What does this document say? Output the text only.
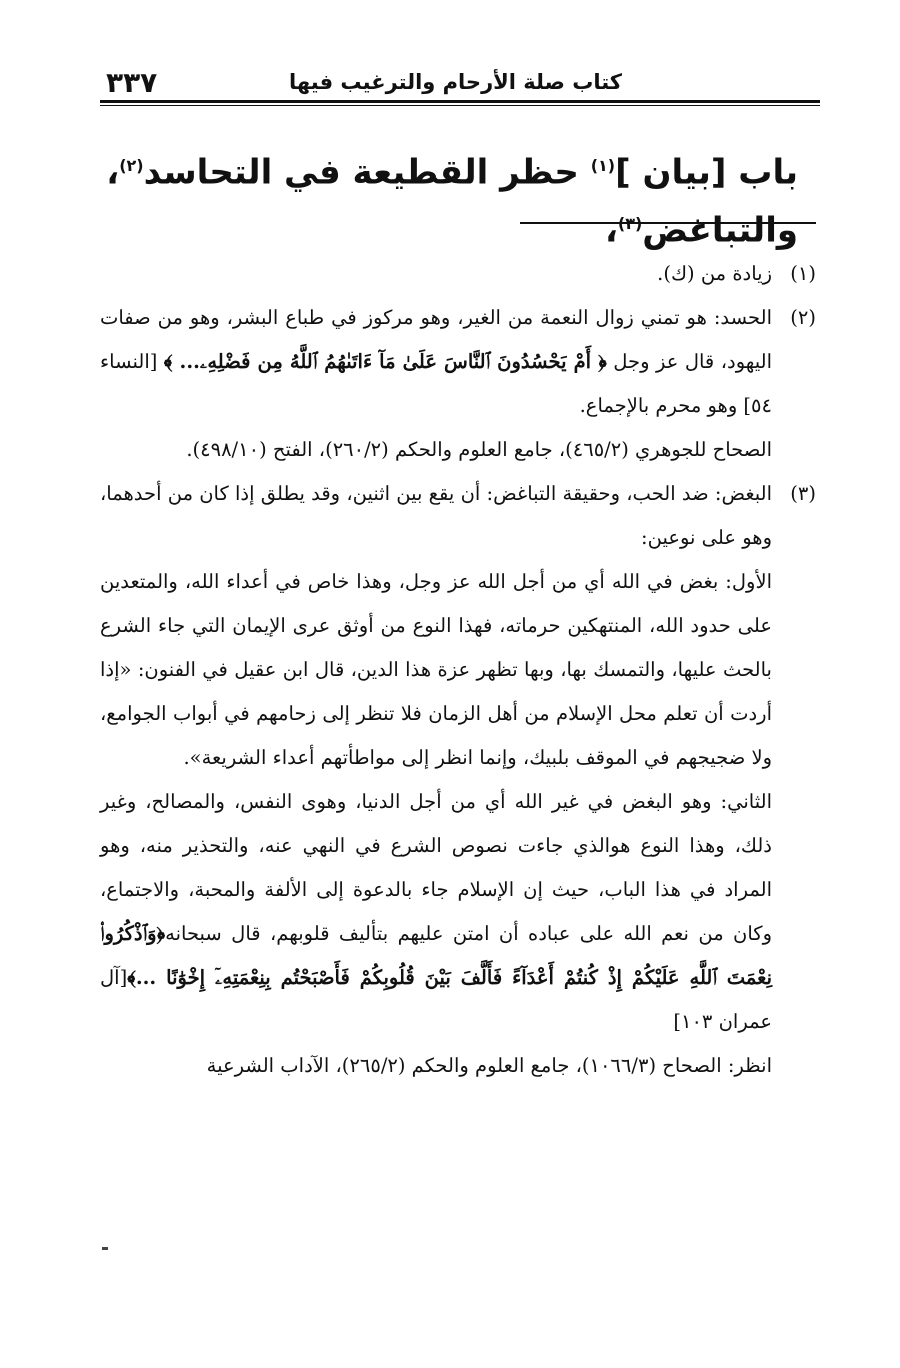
٣٣٧	كتاب صلة الأرحام والترغيب فيها
باب [بيان ]$^{(١)}$ حظر القطيعة في التحاسد$^{(٢)}$، والتباغض$^{(٣)}$،
(١)

زيادة من (ك).

(٢)

الحسد: هو تمني زوال النعمة من الغير، وهو مركوز في طباع البشر، وهو من صفات اليهود، قال عز وجل ﴿ أَمْ يَحْسُدُونَ ٱلنَّاسَ عَلَىٰ مَآ ءَاتَىٰهُمُ ٱللَّهُ مِن فَضْلِهِۦ... ﴾ [النساء ٥٤] وهو محرم بالإجماع.

الصحاح للجوهري (٤٦٥/٢)، جامع العلوم والحكم (٢٦٠/٢)، الفتح (٤٩٨/١٠).

(٣)

البغض: ضد الحب، وحقيقة التباغض: أن يقع بين اثنين، وقد يطلق إذا كان من أحدهما، وهو على نوعين:

الأول: بغض في الله أي من أجل الله عز وجل، وهذا خاص في أعداء الله، والمتعدين على حدود الله، المنتهكين حرماته، فهذا النوع من أوثق عرى الإيمان التي جاء الشرع بالحث عليها، والتمسك بها، وبها تظهر عزة هذا الدين، قال ابن عقيل في الفنون: «إذا أردت أن تعلم محل الإسلام من أهل الزمان فلا تنظر إلى زحامهم في أبواب الجوامع، ولا ضجيجهم في الموقف بلبيك، وإنما انظر إلى مواطأتهم أعداء الشريعة».

الثاني: وهو البغض في غير الله أي من أجل الدنيا، وهوى النفس، والمصالح، وغير ذلك، وهذا النوع هوالذي جاءت نصوص الشرع في النهي عنه، والتحذير منه، وهو المراد في هذا الباب، حيث إن الإسلام جاء بالدعوة إلى الألفة والمحبة، والاجتماع، وكان من نعم الله على عباده أن امتن عليهم بتأليف قلوبهم، قال سبحانه﴿وَٱذْكُرُوا۟ نِعْمَتَ ٱللَّهِ عَلَيْكُمْ إِذْ كُنتُمْ أَعْدَآءً فَأَلَّفَ بَيْنَ قُلُوبِكُمْ فَأَصْبَحْتُم بِنِعْمَتِهِۦٓ إِخْوَٰنًا ...﴾[آل عمران ١٠٣]

انظر: الصحاح (١٠٦٦/٣)، جامع العلوم والحكم (٢٦٥/٢)، الآداب الشرعية
